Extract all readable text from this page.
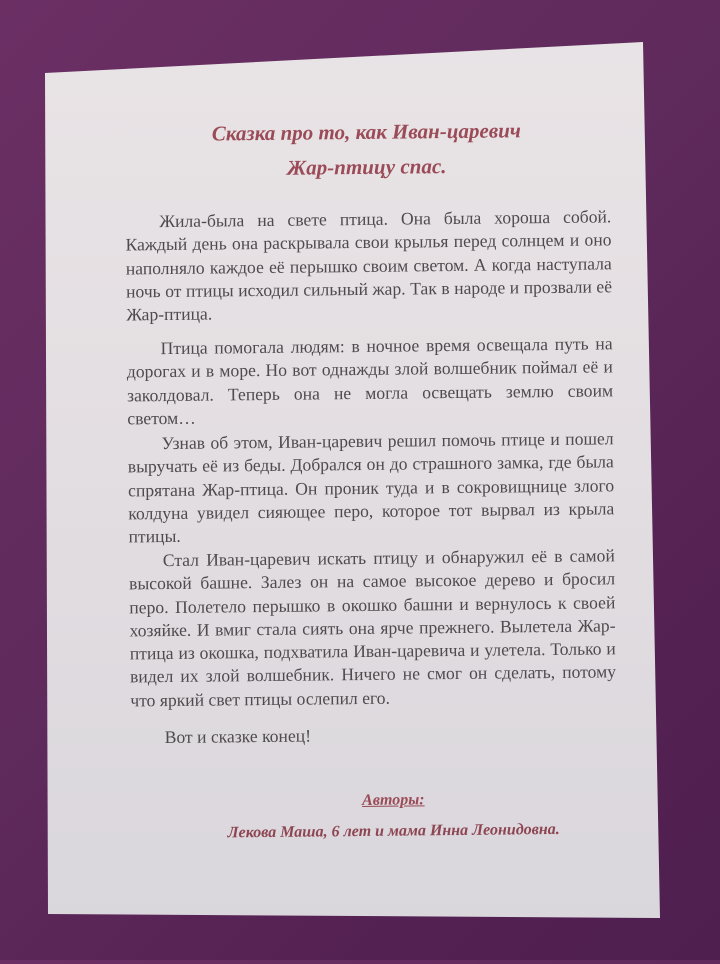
Сказка про то, как Иван-царевич
Жар-птицу спас.

Жила-была на свете птица. Она была хороша собой. Каждый день она раскрывала свои крылья перед солнцем и оно наполняло каждое её перышко своим светом. А когда наступала ночь от птицы исходил сильный жар. Так в народе и прозвали её Жар-птица.

Птица помогала людям: в ночное время освещала путь на дорогах и в море. Но вот однажды злой волшебник поймал её и заколдовал. Теперь она не могла освещать землю своим светом…

Узнав об этом, Иван-царевич решил помочь птице и пошел выручать её из беды. Добрался он до страшного замка, где была спрятана Жар-птица. Он проник туда и в сокровищнице злого колдуна увидел сияющее перо, которое тот вырвал из крыла птицы.

Стал Иван-царевич искать птицу и обнаружил её в самой высокой башне. Залез он на самое высокое дерево и бросил перо. Полетело перышко в окошко башни и вернулось к своей хозяйке. И вмиг стала сиять она ярче прежнего. Вылетела Жар-птица из окошка, подхватила Иван-царевича и улетела. Только и видел их злой волшебник. Ничего не смог он сделать, потому что яркий свет птицы ослепил его.

Вот и сказке конец!

Авторы:

Лекова Маша, 6 лет и мама Инна Леонидовна.
